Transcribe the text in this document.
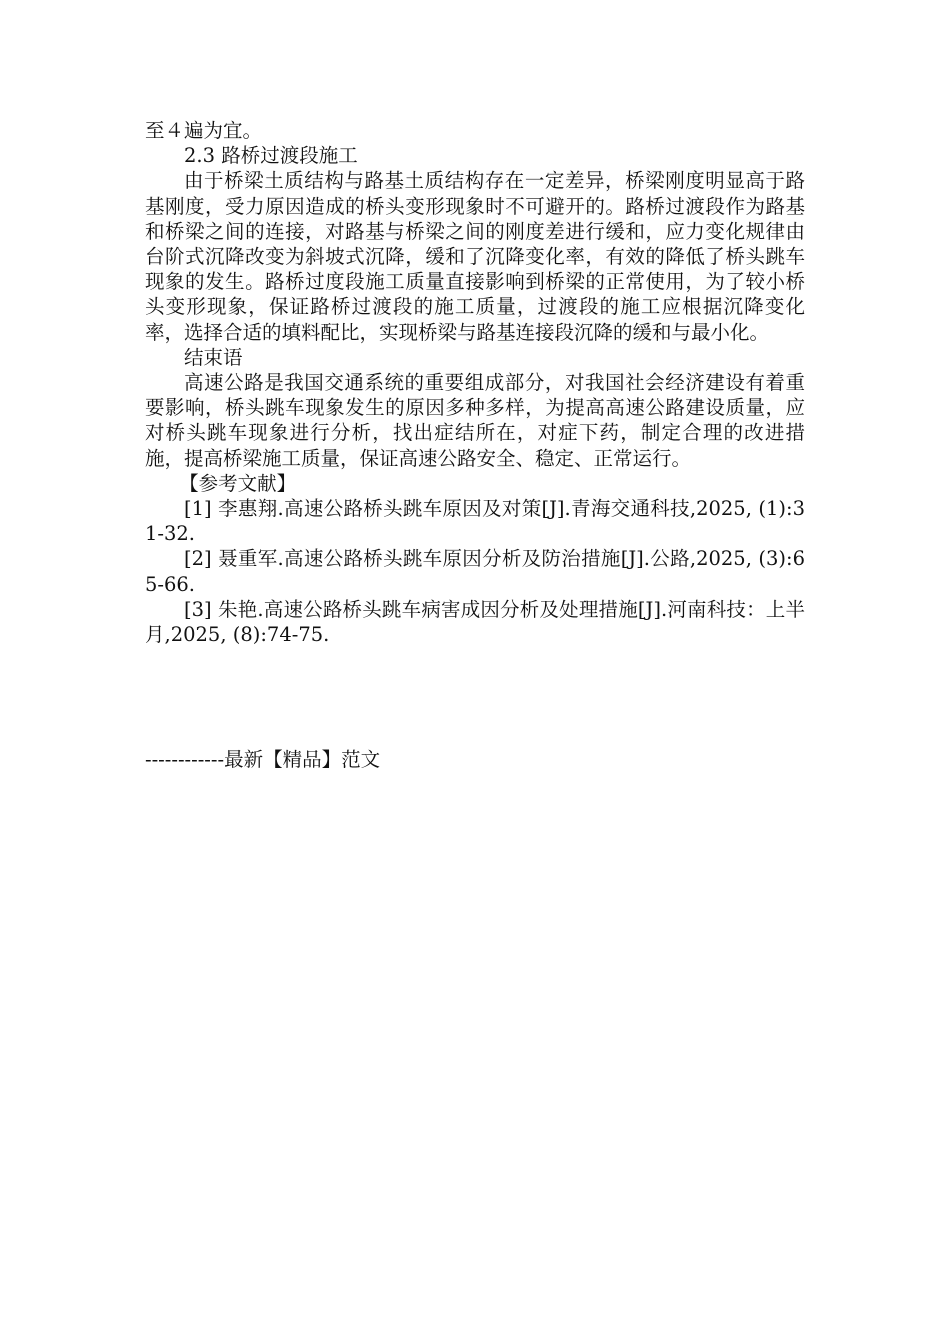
至４遍为宜。

2.3 路桥过渡段施工

由于桥梁土质结构与路基土质结构存在一定差异，桥梁刚度明显高于路基刚度，受力原因造成的桥头变形现象时不可避开的。路桥过渡段作为路基和桥梁之间的连接，对路基与桥梁之间的刚度差进行缓和，应力变化规律由台阶式沉降改变为斜坡式沉降，缓和了沉降变化率，有效的降低了桥头跳车现象的发生。路桥过度段施工质量直接影响到桥梁的正常使用，为了较小桥头变形现象，保证路桥过渡段的施工质量，过渡段的施工应根据沉降变化率，选择合适的填料配比，实现桥梁与路基连接段沉降的缓和与最小化。

结束语

高速公路是我国交通系统的重要组成部分，对我国社会经济建设有着重要影响，桥头跳车现象发生的原因多种多样，为提高高速公路建设质量，应对桥头跳车现象进行分析，找出症结所在，对症下药，制定合理的改进措施，提高桥梁施工质量，保证高速公路安全、稳定、正常运行。

【参考文献】

[1] 李惠翔.高速公路桥头跳车原因及对策[J].青海交通科技,2025, (1):31-32.

[2] 聂重军.高速公路桥头跳车原因分析及防治措施[J].公路,2025, (3):65-66.

[3] 朱艳.高速公路桥头跳车病害成因分析及处理措施[J].河南科技：上半月,2025, (8):74-75.

------------最新【精品】范文
